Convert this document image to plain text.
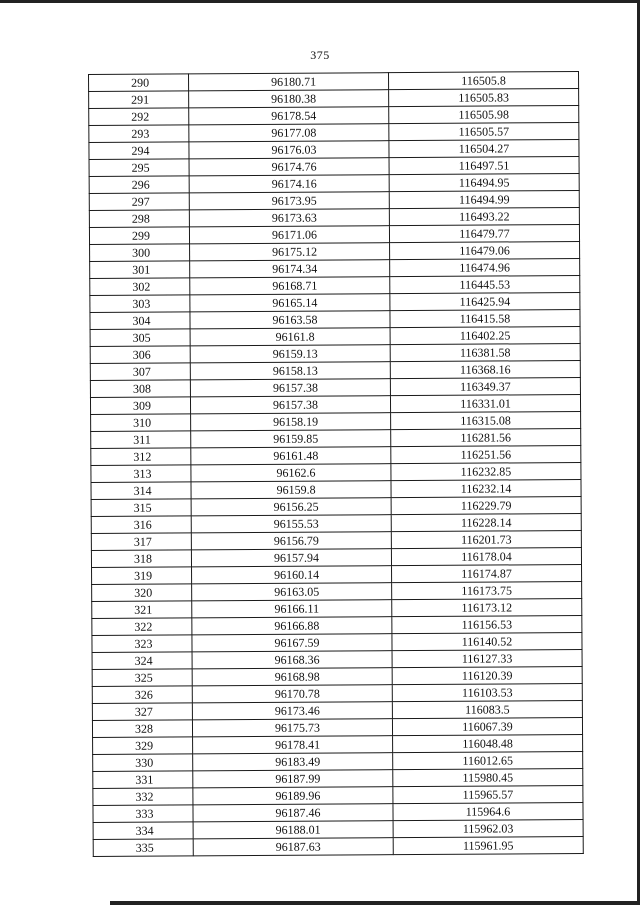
375
290	96180.71	116505.8
291	96180.38	116505.83
292	96178.54	116505.98
293	96177.08	116505.57
294	96176.03	116504.27
295	96174.76	116497.51
296	96174.16	116494.95
297	96173.95	116494.99
298	96173.63	116493.22
299	96171.06	116479.77
300	96175.12	116479.06
301	96174.34	116474.96
302	96168.71	116445.53
303	96165.14	116425.94
304	96163.58	116415.58
305	96161.8	116402.25
306	96159.13	116381.58
307	96158.13	116368.16
308	96157.38	116349.37
309	96157.38	116331.01
310	96158.19	116315.08
311	96159.85	116281.56
312	96161.48	116251.56
313	96162.6	116232.85
314	96159.8	116232.14
315	96156.25	116229.79
316	96155.53	116228.14
317	96156.79	116201.73
318	96157.94	116178.04
319	96160.14	116174.87
320	96163.05	116173.75
321	96166.11	116173.12
322	96166.88	116156.53
323	96167.59	116140.52
324	96168.36	116127.33
325	96168.98	116120.39
326	96170.78	116103.53
327	96173.46	116083.5
328	96175.73	116067.39
329	96178.41	116048.48
330	96183.49	116012.65
331	96187.99	115980.45
332	96189.96	115965.57
333	96187.46	115964.6
334	96188.01	115962.03
335	96187.63	115961.95
